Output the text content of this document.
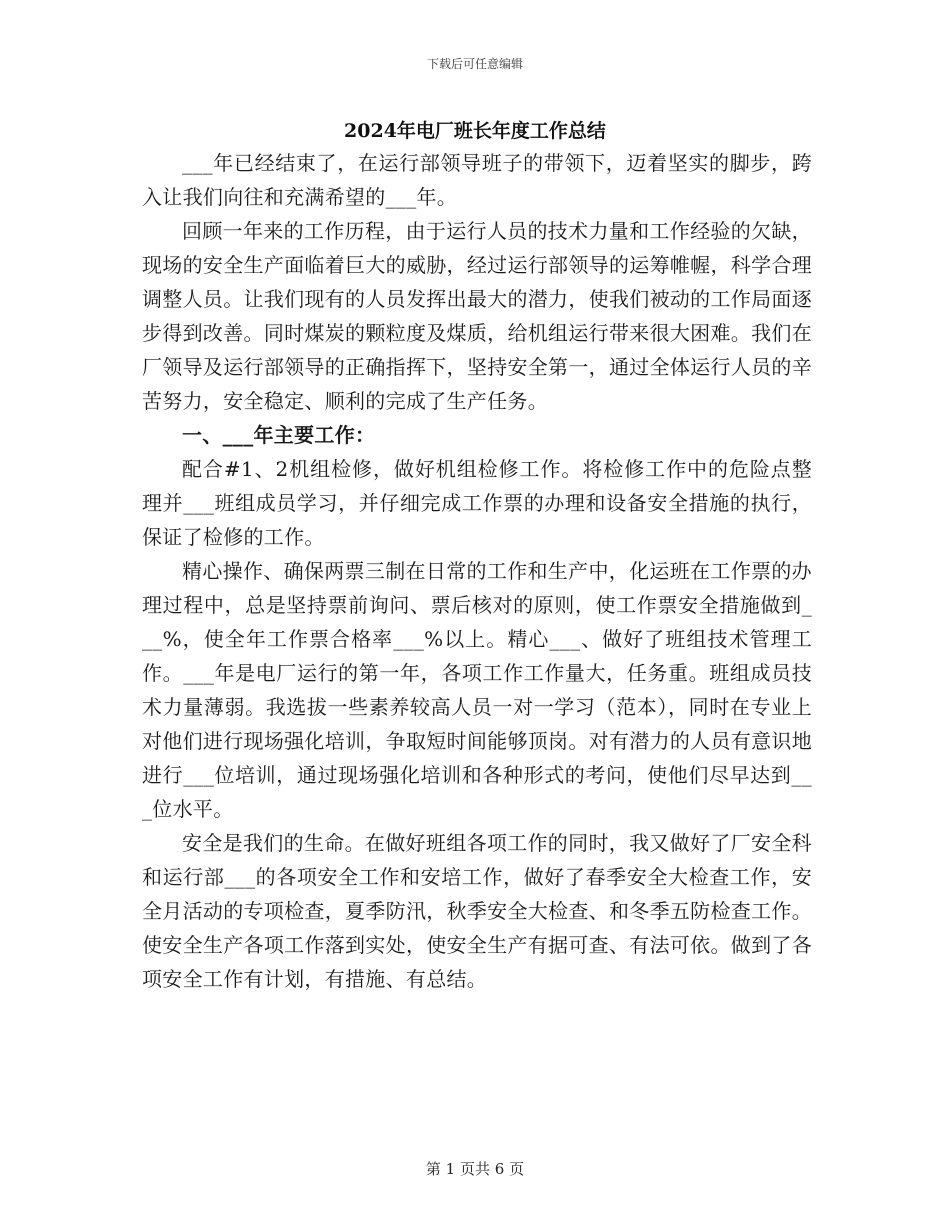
下载后可任意编辑
2024年电厂班长年度工作总结

___年已经结束了，在运行部领导班子的带领下，迈着坚实的脚步，跨入让我们向往和充满希望的___年。

回顾一年来的工作历程，由于运行人员的技术力量和工作经验的欠缺，现场的安全生产面临着巨大的威胁，经过运行部领导的运筹帷幄，科学合理调整人员。让我们现有的人员发挥出最大的潜力，使我们被动的工作局面逐步得到改善。同时煤炭的颗粒度及煤质，给机组运行带来很大困难。我们在厂领导及运行部领导的正确指挥下，坚持安全第一，通过全体运行人员的辛苦努力，安全稳定、顺利的完成了生产任务。

一、___年主要工作：

配合#1、2机组检修，做好机组检修工作。将检修工作中的危险点整理并___班组成员学习，并仔细完成工作票的办理和设备安全措施的执行，保证了检修的工作。

精心操作、确保两票三制在日常的工作和生产中，化运班在工作票的办理过程中，总是坚持票前询问、票后核对的原则，使工作票安全措施做到___%，使全年工作票合格率___%以上。精心___、做好了班组技术管理工作。___年是电厂运行的第一年，各项工作工作量大，任务重。班组成员技术力量薄弱。我选拔一些素养较高人员一对一学习（范本），同时在专业上对他们进行现场强化培训，争取短时间能够顶岗。对有潜力的人员有意识地进行___位培训，通过现场强化培训和各种形式的考问，使他们尽早达到___位水平。

安全是我们的生命。在做好班组各项工作的同时，我又做好了厂安全科和运行部___的各项安全工作和安培工作，做好了春季安全大检查工作，安全月活动的专项检查，夏季防汛，秋季安全大检查、和冬季五防检查工作。使安全生产各项工作落到实处，使安全生产有据可查、有法可依。做到了各项安全工作有计划，有措施、有总结。

第 1 页共 6 页
